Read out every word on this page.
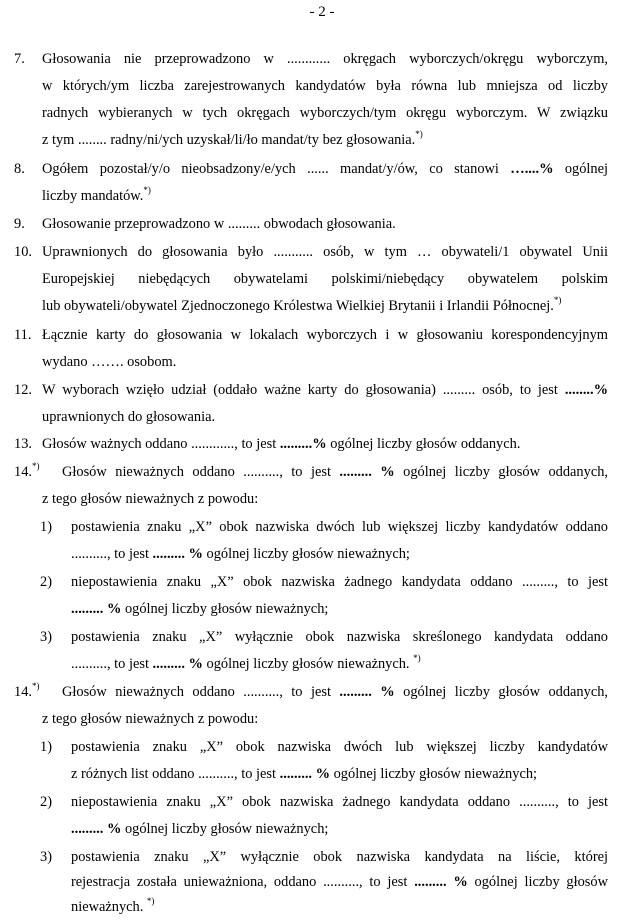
- 2 -
7. Głosowania nie przeprowadzono w ............ okręgach wyborczych/okręgu wyborczym,
w których/ym liczba zarejestrowanych kandydatów była równa lub mniejsza od liczby
radnych wybieranych w tych okręgach wyborczych/tym okręgu wyborczym. W związku
z tym ........ radny/ni/ych uzyskał/li/ło mandat/ty bez głosowania.*)
8. Ogółem pozostał/y/o nieobsadzony/e/ych ...... mandat/y/ów, co stanowi …....% ogólnej
liczby mandatów.*)
9. Głosowanie przeprowadzono w ......... obwodach głosowania.
10. Uprawnionych do głosowania było ........... osób, w tym … obywateli/1 obywatel Unii
Europejskiej niebędących obywatelami polskimi/niebędący obywatelem polskim
lub obywateli/obywatel Zjednoczonego Królestwa Wielkiej Brytanii i Irlandii Północnej.*)
11. Łącznie karty do głosowania w lokalach wyborczych i w głosowaniu korespondencyjnym
wydano ……. osobom.
12. W wyborach wzięło udział (oddało ważne karty do głosowania) ......... osób, to jest ........%
uprawnionych do głosowania.
13. Głosów ważnych oddano ............, to jest .........% ogólnej liczby głosów oddanych.
14.*) Głosów nieważnych oddano .........., to jest ......... % ogólnej liczby głosów oddanych,
z tego głosów nieważnych z powodu:
1) postawienia znaku „X” obok nazwiska dwóch lub większej liczby kandydatów oddano
.........., to jest ......... % ogólnej liczby głosów nieważnych;
2) niepostawienia znaku „X” obok nazwiska żadnego kandydata oddano ........., to jest
......... % ogólnej liczby głosów nieważnych;
3) postawienia znaku „X” wyłącznie obok nazwiska skreślonego kandydata oddano
.........., to jest ......... % ogólnej liczby głosów nieważnych. *)
14.*) Głosów nieważnych oddano .........., to jest ......... % ogólnej liczby głosów oddanych,
z tego głosów nieważnych z powodu:
1) postawienia znaku „X” obok nazwiska dwóch lub większej liczby kandydatów
z różnych list oddano .........., to jest ......... % ogólnej liczby głosów nieważnych;
2) niepostawienia znaku „X” obok nazwiska żadnego kandydata oddano .........., to jest
......... % ogólnej liczby głosów nieważnych;
3) postawienia znaku „X” wyłącznie obok nazwiska kandydata na liście, której
rejestracja została unieważniona, oddano .........., to jest ......... % ogólnej liczby głosów
nieważnych. *)
